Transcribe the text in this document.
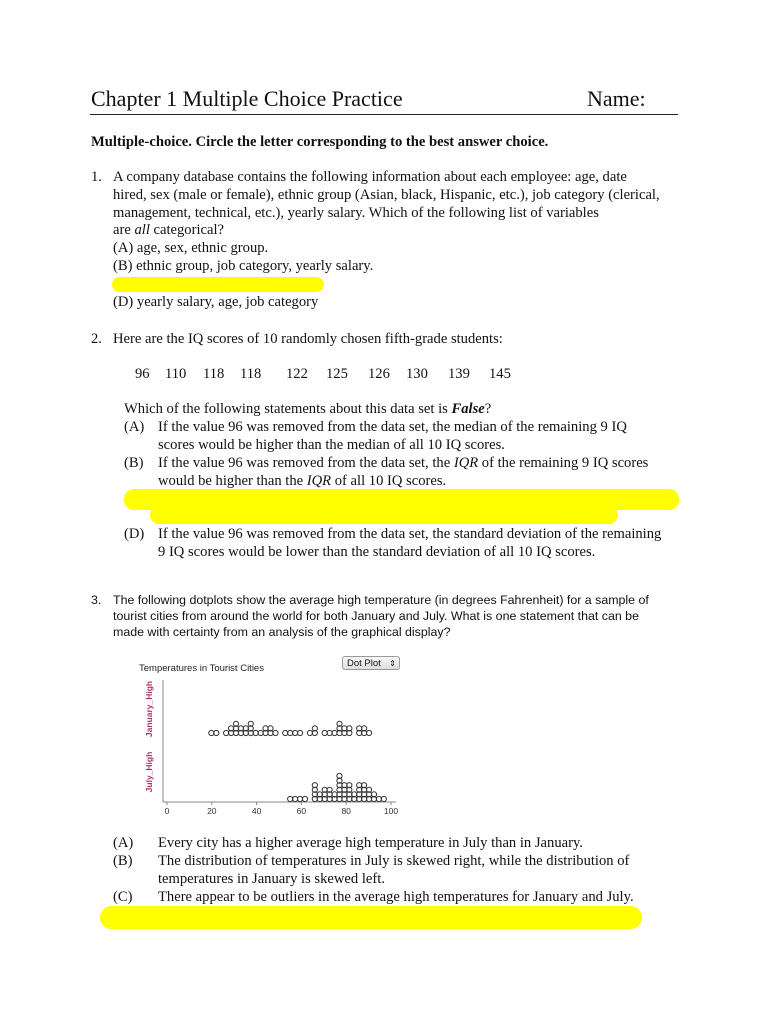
Chapter 1 Multiple Choice Practice	Name:
Multiple-choice. Circle the letter corresponding to the best answer choice.
1. A company database contains the following information about each employee: age, date
hired, sex (male or female), ethnic group (Asian, black, Hispanic, etc.), job category (clerical,
management, technical, etc.), yearly salary. Which of the following list of variables
are all categorical?
(A) age, sex, ethnic group.
(B) ethnic group, job category, yearly salary.
(D) yearly salary, age, job category
2. Here are the IQ scores of 10 randomly chosen fifth-grade students:
96 110 118 118 122 125 126 130 139 145
Which of the following statements about this data set is False?
(A) If the value 96 was removed from the data set, the median of the remaining 9 IQ
scores would be higher than the median of all 10 IQ scores.
(B) If the value 96 was removed from the data set, the IQR of the remaining 9 IQ scores
would be higher than the IQR of all 10 IQ scores.
(D) If the value 96 was removed from the data set, the standard deviation of the remaining
9 IQ scores would be lower than the standard deviation of all 10 IQ scores.
3. The following dotplots show the average high temperature (in degrees Fahrenheit) for a sample of
tourist cities from around the world for both January and July. What is one statement that can be
made with certainty from an analysis of the graphical display?
Temperatures in Tourist Cities
January_High
July_High
0	20	40	60	80	100
Dot Plot ⇕
(A) Every city has a higher average high temperature in July than in January.
(B) The distribution of temperatures in July is skewed right, while the distribution of
temperatures in January is skewed left.
(C) There appear to be outliers in the average high temperatures for January and July.
